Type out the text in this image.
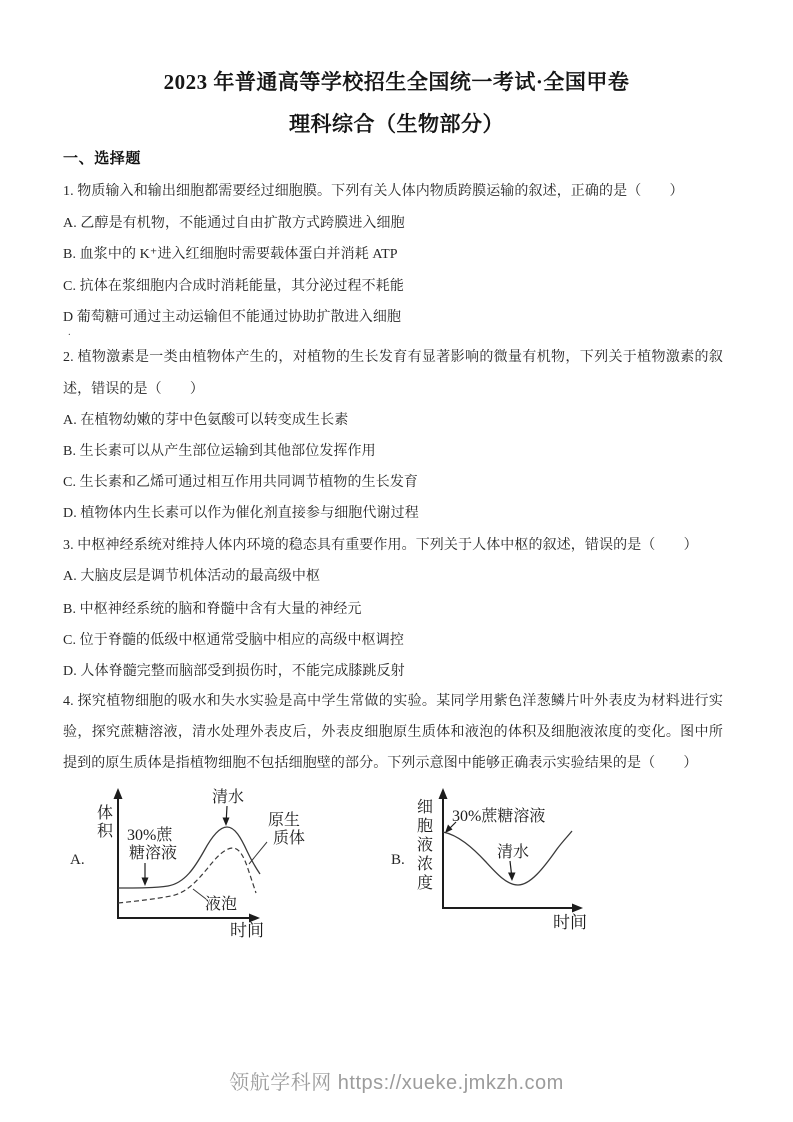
2023 年普通高等学校招生全国统一考试·全国甲卷
理科综合（生物部分）
一、选择题
1. 物质输入和输出细胞都需要经过细胞膜。下列有关人体内物质跨膜运输的叙述，正确的是（　　）
A. 乙醇是有机物，不能通过自由扩散方式跨膜进入细胞
B. 血浆中的 K⁺进入红细胞时需要载体蛋白并消耗 ATP
C. 抗体在浆细胞内合成时消耗能量，其分泌过程不耗能
D 葡萄糖可通过主动运输但不能通过协助扩散进入细胞
.
2. 植物激素是一类由植物体产生的，对植物的生长发育有显著影响的微量有机物，下列关于植物激素的叙
述，错误的是（　　）
A. 在植物幼嫩的芽中色氨酸可以转变成生长素
B. 生长素可以从产生部位运输到其他部位发挥作用
C. 生长素和乙烯可通过相互作用共同调节植物的生长发育
D. 植物体内生长素可以作为催化剂直接参与细胞代谢过程
3. 中枢神经系统对维持人体内环境的稳态具有重要作用。下列关于人体中枢的叙述，错误的是（　　）
A. 大脑皮层是调节机体活动的最高级中枢
B. 中枢神经系统的脑和脊髓中含有大量的神经元
C. 位于脊髓的低级中枢通常受脑中相应的高级中枢调控
D. 人体脊髓完整而脑部受到损伤时，不能完成膝跳反射
4. 探究植物细胞的吸水和失水实验是高中学生常做的实验。某同学用紫色洋葱鳞片叶外表皮为材料进行实
验，探究蔗糖溶液，清水处理外表皮后，外表皮细胞原生质体和液泡的体积及细胞液浓度的变化。图中所
提到的原生质体是指植物细胞不包括细胞壁的部分。下列示意图中能够正确表示实验结果的是（　　）
A.
体
积
清水
30%蔗
糖溶液
原生
质体
液泡
时间
B.
细
胞
液
浓
度
30%蔗糖溶液
清水
时间
领航学科网 https://xueke.jmkzh.com
